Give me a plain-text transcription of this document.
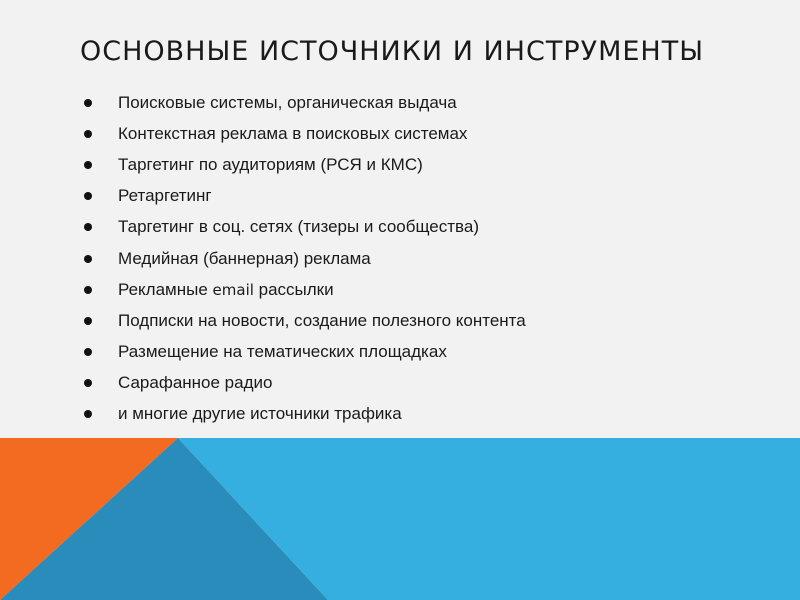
ОСНОВНЫЕ ИСТОЧНИКИ И ИНСТРУМЕНТЫ
Поисковые системы, органическая выдача
Контекстная реклама в поисковых системах
Таргетинг по аудиториям (РСЯ и КМС)
Ретаргетинг
Таргетинг в соц. сетях (тизеры и сообщества)
Медийная (баннерная) реклама
Рекламные email рассылки
Подписки на новости, создание полезного контента
Размещение на тематических площадках
Сарафанное радио
и многие другие источники трафика
